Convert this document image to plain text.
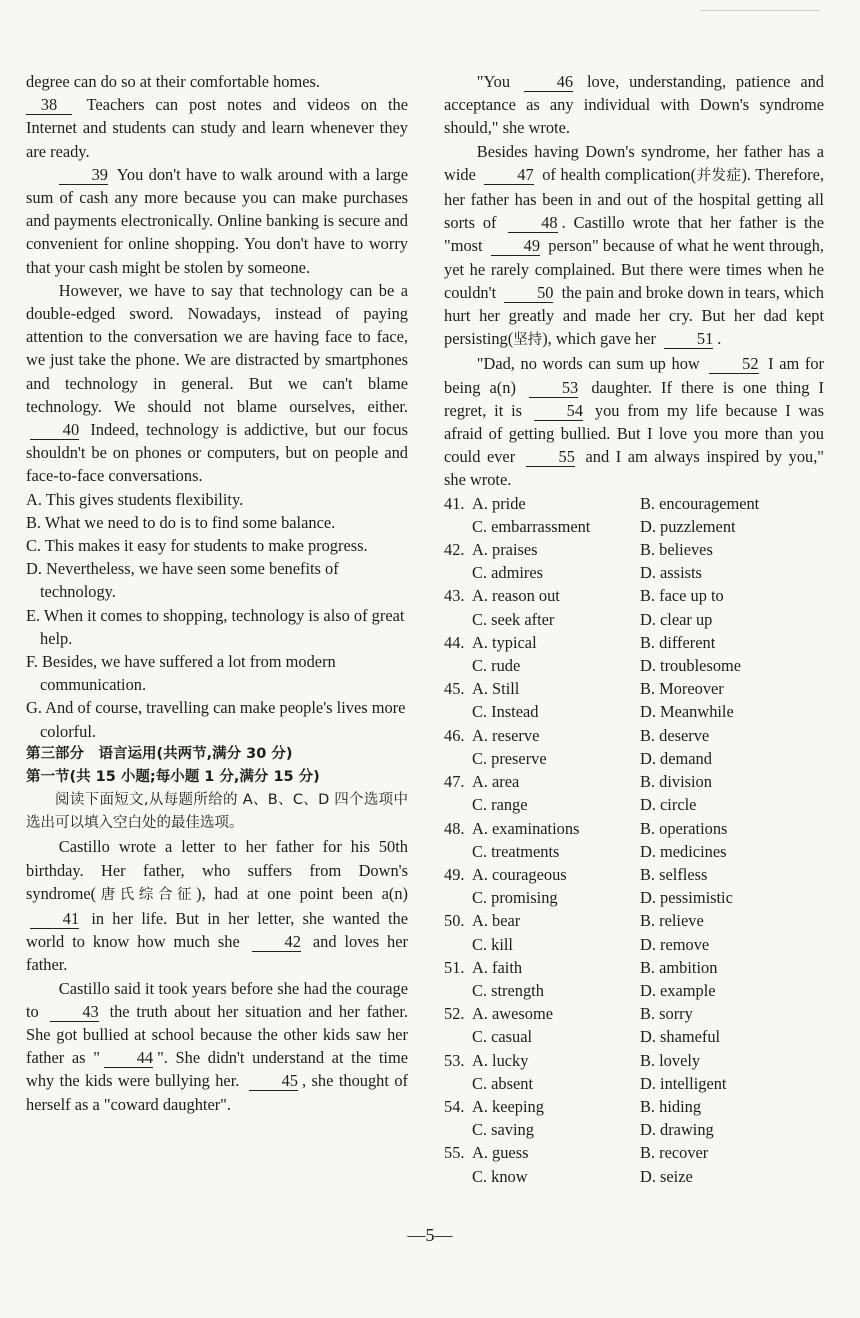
degree can do so at their comfortable homes.

38 Teachers can post notes and videos on the Internet and students can study and learn whenever they are ready.

39 You don't have to walk around with a large sum of cash any more because you can make purchases and payments electronically. Online banking is secure and convenient for online shopping. You don't have to worry that your cash might be stolen by someone.

However, we have to say that technology can be a double-edged sword. Nowadays, instead of paying attention to the conversation we are having face to face, we just take the phone. We are distracted by smartphones and technology in general. But we can't blame technology. We should not blame ourselves, either. 40 Indeed, technology is addictive, but our focus shouldn't be on phones or computers, but on people and face-to-face conversations.

A. This gives students flexibility.

B. What we need to do is to find some balance.

C. This makes it easy for students to make progress.

D. Nevertheless, we have seen some benefits of technology.

E. When it comes to shopping, technology is also of great help.

F. Besides, we have suffered a lot from modern communication.

G. And of course, travelling can make people's lives more colorful.

第三部分　语言运用(共两节,满分 30 分)

第一节(共 15 小题;每小题 1 分,满分 15 分)

阅读下面短文,从每题所给的 A、B、C、D 四个选项中选出可以填入空白处的最佳选项。

Castillo wrote a letter to her father for his 50th birthday. Her father, who suffers from Down's syndrome(唐氏综合征), had at one point been a(n) 41 in her life. But in her letter, she wanted the world to know how much she	42 and loves her father.

Castillo said it took years before she had the courage to	43 the truth about her situation and her father. She got bullied at school because the other kids saw her father as " 44 ". She didn't understand at the time why the kids were bullying her.	45 , she thought of herself as a "coward daughter".

"You	46 love, understanding, patience and acceptance as any individual with Down's syndrome should," she wrote.

Besides having Down's syndrome, her father has a wide	47 of health complication(并发症). Therefore, her father has been in and out of the hospital getting all sorts of	48 . Castillo wrote that her father is the "most	49 person" because of what he went through, yet he rarely complained. But there were times when he couldn't 50 the pain and broke down in tears, which hurt her greatly and made her cry. But her dad kept persisting(坚持), which gave her 51 .

"Dad, no words can sum up how	52 I am for being a(n)	53 daughter. If there is one thing I regret, it is	54 you from my life because I was afraid of getting bullied. But I love you more than you could ever	55 and I am always inspired by you," she wrote.

41. A. pride	B. encouragement
C. embarrassment	D. puzzlement
42. A. praises	B. believes
C. admires	D. assists
43. A. reason out	B. face up to
C. seek after	D. clear up
44. A. typical	B. different
C. rude	D. troublesome
45. A. Still	B. Moreover
C. Instead	D. Meanwhile
46. A. reserve	B. deserve
C. preserve	D. demand
47. A. area	B. division
C. range	D. circle
48. A. examinations	B. operations
C. treatments	D. medicines
49. A. courageous	B. selfless
C. promising	D. pessimistic
50. A. bear	B. relieve
C. kill	D. remove
51. A. faith	B. ambition
C. strength	D. example
52. A. awesome	B. sorry
C. casual	D. shameful
53. A. lucky	B. lovely
C. absent	D. intelligent
54. A. keeping	B. hiding
C. saving	D. drawing
55. A. guess	B. recover
C. know	D. seize
—5—
